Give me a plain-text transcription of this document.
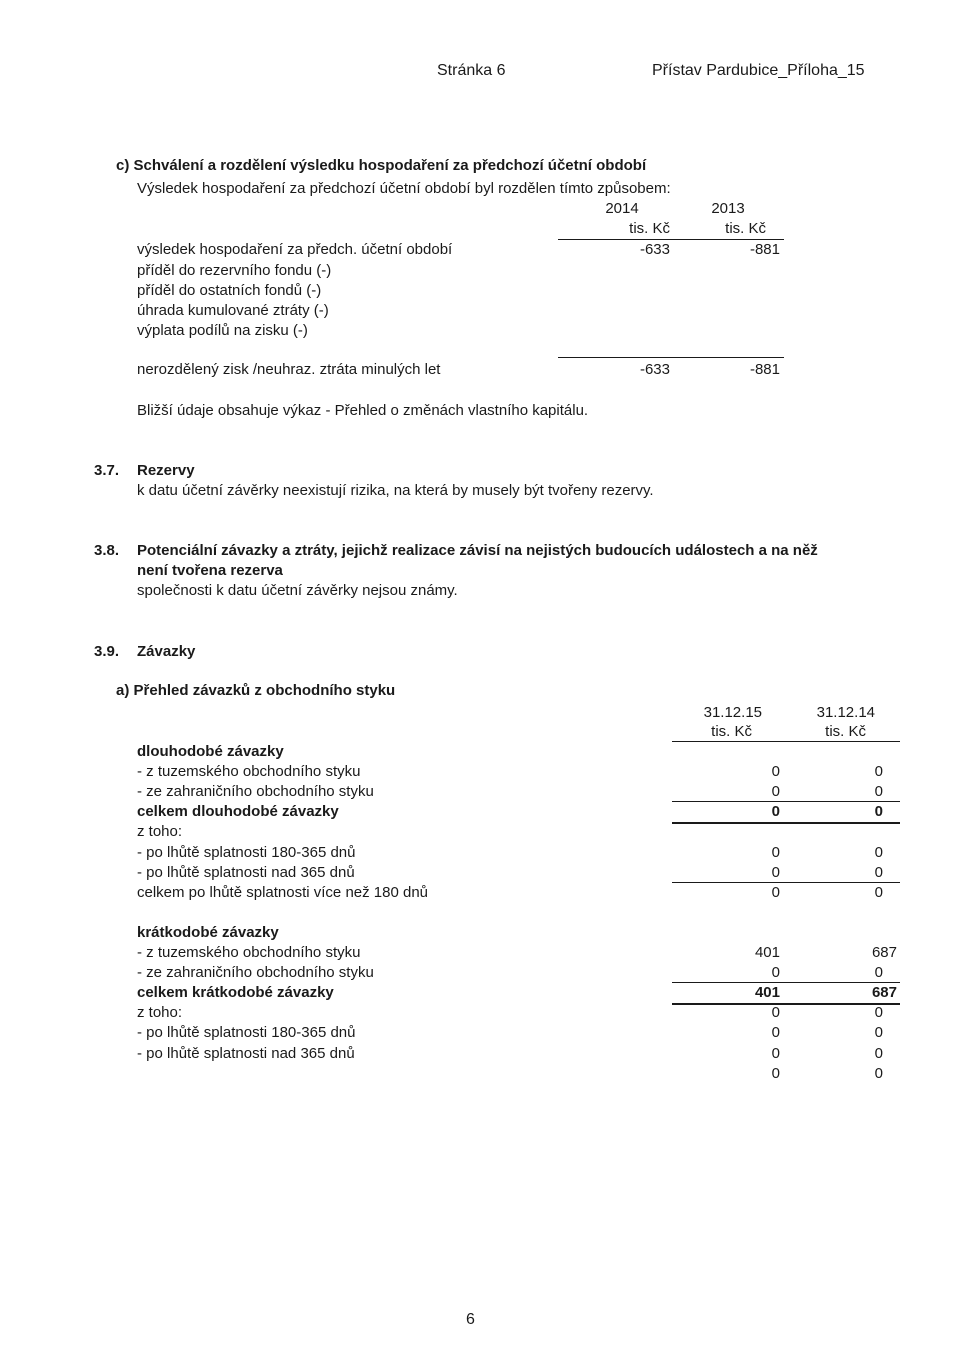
Stránka 6	Přístav Pardubice_Příloha_15
c) Schválení a rozdělení výsledku hospodaření za předchozí účetní období
Výsledek hospodaření za předchozí účetní období byl rozdělen tímto způsobem:
2014	2013
tis. Kč	tis. Kč
výsledek hospodaření za předch. účetní období	-633	-881
příděl do rezervního fondu (-)
příděl do ostatních fondů (-)
úhrada kumulované ztráty (-)
výplata podílů na zisku (-)
nerozdělený zisk /neuhraz. ztráta minulých let	-633	-881
Bližší údaje obsahuje výkaz - Přehled o změnách vlastního kapitálu.
3.7. Rezervy
k datu účetní závěrky neexistují rizika, na která by musely být tvořeny rezervy.
3.8. Potenciální závazky a ztráty, jejichž realizace závisí na nejistých budoucích událostech a na něž
není tvořena rezerva
společnosti k datu účetní závěrky nejsou známy.
3.9. Závazky
a) Přehled závazků z obchodního styku
31.12.15	31.12.14
tis. Kč	tis. Kč
dlouhodobé závazky
- z tuzemského obchodního styku	0	0
- ze zahraničního obchodního styku	0	0
celkem dlouhodobé závazky	0	0
z toho:
- po lhůtě splatnosti 180-365 dnů	0	0
- po lhůtě splatnosti nad 365 dnů	0	0
celkem po lhůtě splatnosti více než 180 dnů	0	0
krátkodobé závazky
- z tuzemského obchodního styku	401	687
- ze zahraničního obchodního styku	0	0
celkem krátkodobé závazky	401	687
z toho:	0	0
- po lhůtě splatnosti 180-365 dnů	0	0
- po lhůtě splatnosti nad 365 dnů	0	0
0	0
6
